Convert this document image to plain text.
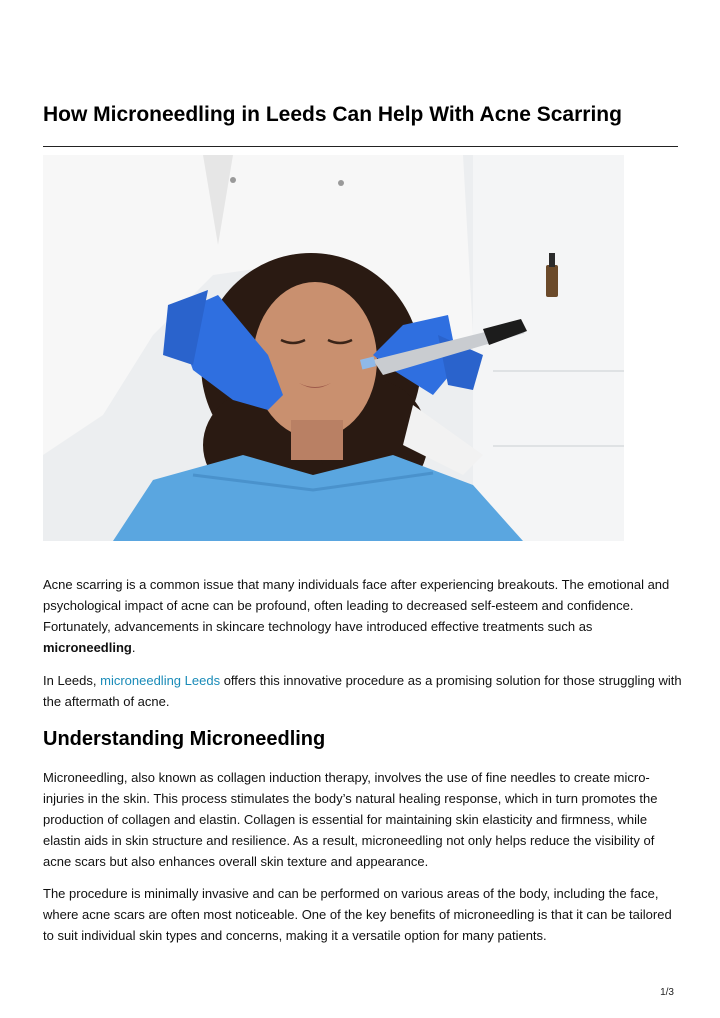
How Microneedling in Leeds Can Help With Acne Scarring

Acne scarring is a common issue that many individuals face after experiencing breakouts. The emotional and psychological impact of acne can be profound, often leading to decreased self-esteem and confidence. Fortunately, advancements in skincare technology have introduced effective treatments such as microneedling.

In Leeds, microneedling Leeds offers this innovative procedure as a promising solution for those struggling with the aftermath of acne.

Understanding Microneedling

Microneedling, also known as collagen induction therapy, involves the use of fine needles to create micro-injuries in the skin. This process stimulates the body’s natural healing response, which in turn promotes the production of collagen and elastin. Collagen is essential for maintaining skin elasticity and firmness, while elastin aids in skin structure and resilience. As a result, microneedling not only helps reduce the visibility of acne scars but also enhances overall skin texture and appearance.

The procedure is minimally invasive and can be performed on various areas of the body, including the face, where acne scars are often most noticeable. One of the key benefits of microneedling is that it can be tailored to suit individual skin types and concerns, making it a versatile option for many patients.

1/3
